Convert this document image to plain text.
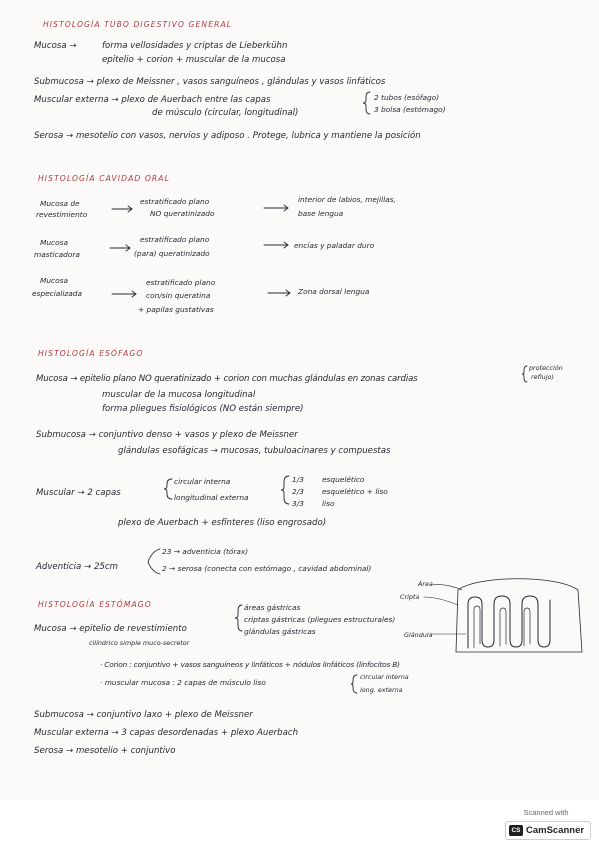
HISTOLOGÍA TUBO DIGESTIVO GENERAL
Mucosa →	forma vellosidades y criptas de Lieberkühn
epitelio + corion + muscular de la mucosa
Submucosa → plexo de Meissner , vasos sanguíneos , glándulas y vasos linfáticos
Muscular externa → plexo de Auerbach entre las capas
de músculo (circular, longitudinal)
2 tubos (esófago)
3 bolsa (estómago)
Serosa → mesotelio con vasos, nervios y adiposo . Protege, lubrica y mantiene la posición
HISTOLOGÍA CAVIDAD ORAL
Mucosa de
revestimiento
estratificado plano
NO queratinizado
interior de labios, mejillas,
base lengua
Mucosa
masticadora
estratificado plano
(para) queratinizado
encías y paladar duro
Mucosa
especializada
estratificado plano
con/sin queratina
+ papilas gustativas
Zona dorsal lengua
HISTOLOGÍA ESÓFAGO
Mucosa → epitelio plano NO queratinizado + corion con muchas glándulas en zonas cardias
protección
reflujo)
muscular de la mucosa longitudinal
forma pliegues fisiológicos (NO están siempre)
Submucosa → conjuntivo denso + vasos y plexo de Meissner
glándulas esofágicas → mucosas, tubuloacinares y compuestas
Muscular → 2 capas
circular interna
longitudinal externa
1/3
2/3
3/3
esquelético
esquelético + liso
liso
plexo de Auerbach + esfínteres (liso engrosado)
Adventicia → 25cm
23 → adventicia (tórax)
2 → serosa (conecta con estómago , cavidad abdominal)
HISTOLOGÍA ESTÓMAGO
Mucosa → epitelio de revestimiento
cilíndrico simple muco-secretor
áreas gástricas
criptas gástricas (pliegues estructurales)
glándulas gástricas
· Corion : conjuntivo + vasos sanguíneos y linfáticos + nódulos linfáticos (linfocitos B)
· muscular mucosa : 2 capas de músculo liso
circular interna
long. externa
Submucosa → conjuntivo laxo + plexo de Meissner
Muscular externa → 3 capas desordenadas + plexo Auerbach
Serosa → mesotelio + conjuntivo
Área
Cripta
Glándula
Scanned with
CS CamScanner
